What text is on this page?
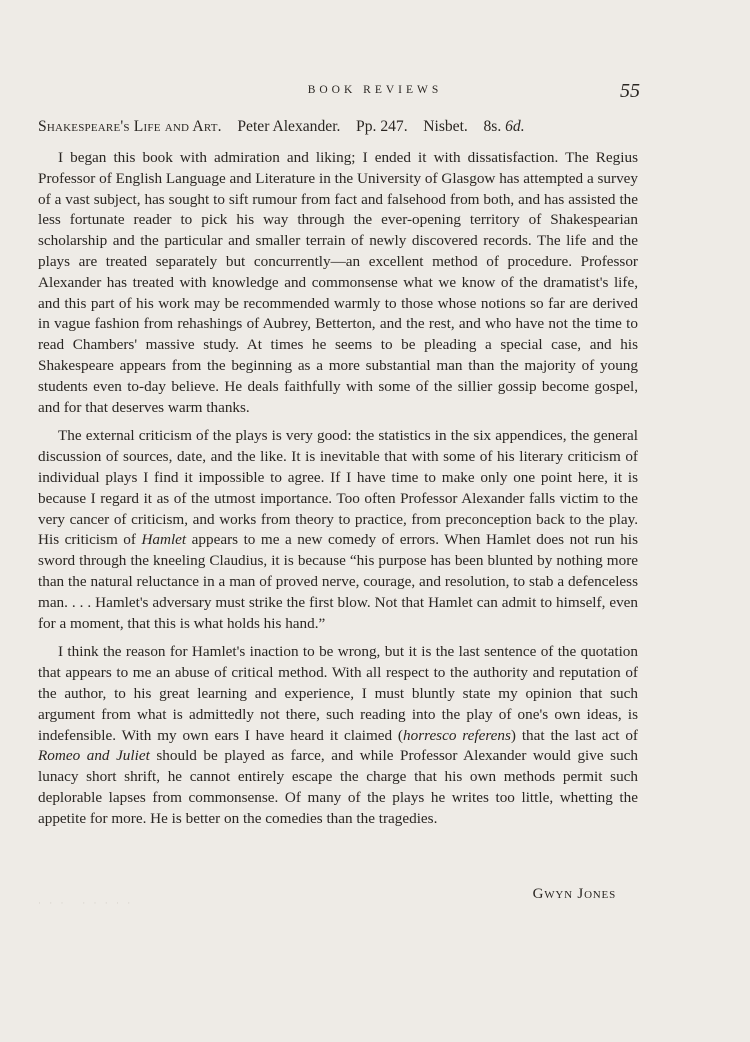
BOOK REVIEWS	55
Shakespeare's Life and Art. Peter Alexander. Pp. 247. Nisbet. 8s. 6d.

I began this book with admiration and liking; I ended it with dissatisfaction. The Regius Professor of English Language and Literature in the University of Glasgow has attempted a survey of a vast subject, has sought to sift rumour from fact and falsehood from both, and has assisted the less fortunate reader to pick his way through the ever-opening territory of Shakespearian scholarship and the particular and smaller terrain of newly discovered records. The life and the plays are treated separately but concurrently—an excellent method of procedure. Professor Alexander has treated with knowledge and commonsense what we know of the dramatist's life, and this part of his work may be recommended warmly to those whose notions so far are derived in vague fashion from rehashings of Aubrey, Betterton, and the rest, and who have not the time to read Chambers' massive study. At times he seems to be pleading a special case, and his Shakespeare appears from the beginning as a more substantial man than the majority of young students even to-day believe. He deals faithfully with some of the sillier gossip become gospel, and for that deserves warm thanks.

The external criticism of the plays is very good: the statistics in the six appendices, the general discussion of sources, date, and the like. It is inevitable that with some of his literary criticism of individual plays I find it impossible to agree. If I have time to make only one point here, it is because I regard it as of the utmost importance. Too often Professor Alexander falls victim to the very cancer of criticism, and works from theory to practice, from preconception back to the play. His criticism of Hamlet appears to me a new comedy of errors. When Hamlet does not run his sword through the kneeling Claudius, it is because “his purpose has been blunted by nothing more than the natural reluctance in a man of proved nerve, courage, and resolution, to stab a defenceless man. . . . Hamlet's adversary must strike the first blow. Not that Hamlet can admit to himself, even for a moment, that this is what holds his hand.”

I think the reason for Hamlet's inaction to be wrong, but it is the last sentence of the quotation that appears to me an abuse of critical method. With all respect to the authority and reputation of the author, to his great learning and experience, I must bluntly state my opinion that such argument from what is admittedly not there, such reading into the play of one's own ideas, is indefensible. With my own ears I have heard it claimed (horresco referens) that the last act of Romeo and Juliet should be played as farce, and while Professor Alexander would give such lunacy short shrift, he cannot entirely escape the charge that his own methods permit such deplorable lapses from commonsense. Of many of the plays he writes too little, whetting the appetite for more. He is better on the comedies than the tragedies.

Gwyn Jones
· · ·   · · · · ·
